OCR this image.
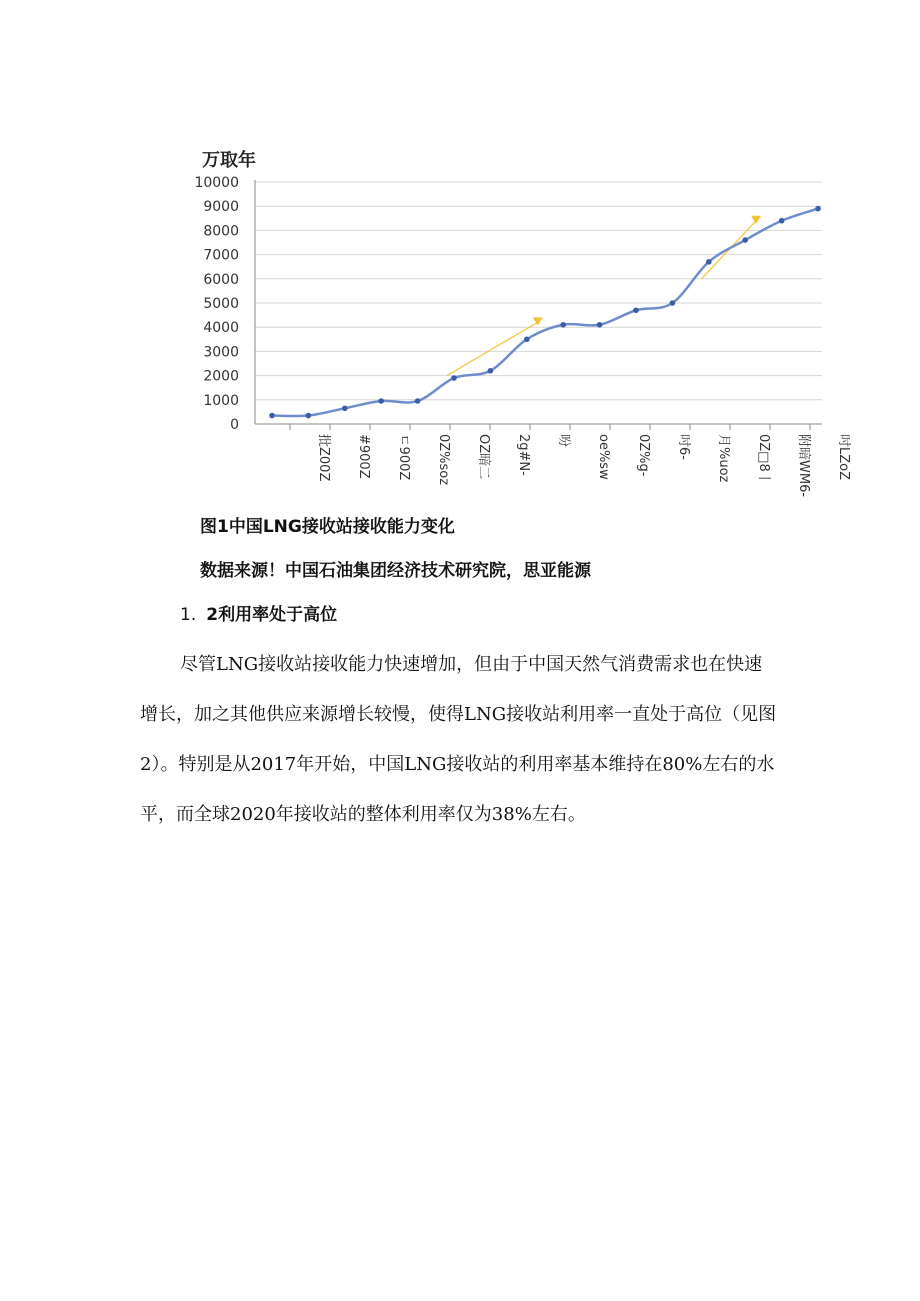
万取年
0
1000
2000
3000
4000
5000
6000
7000
8000
9000
10000
批Z00Z #900Z ㄷ900Z 0Z%soz OZ暗二 2g#N- 吩 oe%sw 0Z%g- 吋6- 月%uoz 0Z□8丨 附暗WM6- 吋LZoZ
图1中国LNG接收站接收能力变化
数据来源！中国石油集团经济技术研究院，思亚能源
1. 2利用率处于高位

尽管LNG接收站接收能力快速增加，但由于中国天然气消费需求也在快速增长，加之其他供应来源增长较慢，使得LNG接收站利用率一直处于高位（见图2）。特别是从2017年开始，中国LNG接收站的利用率基本维持在80%左右的水平，而全球2020年接收站的整体利用率仅为38%左右。
